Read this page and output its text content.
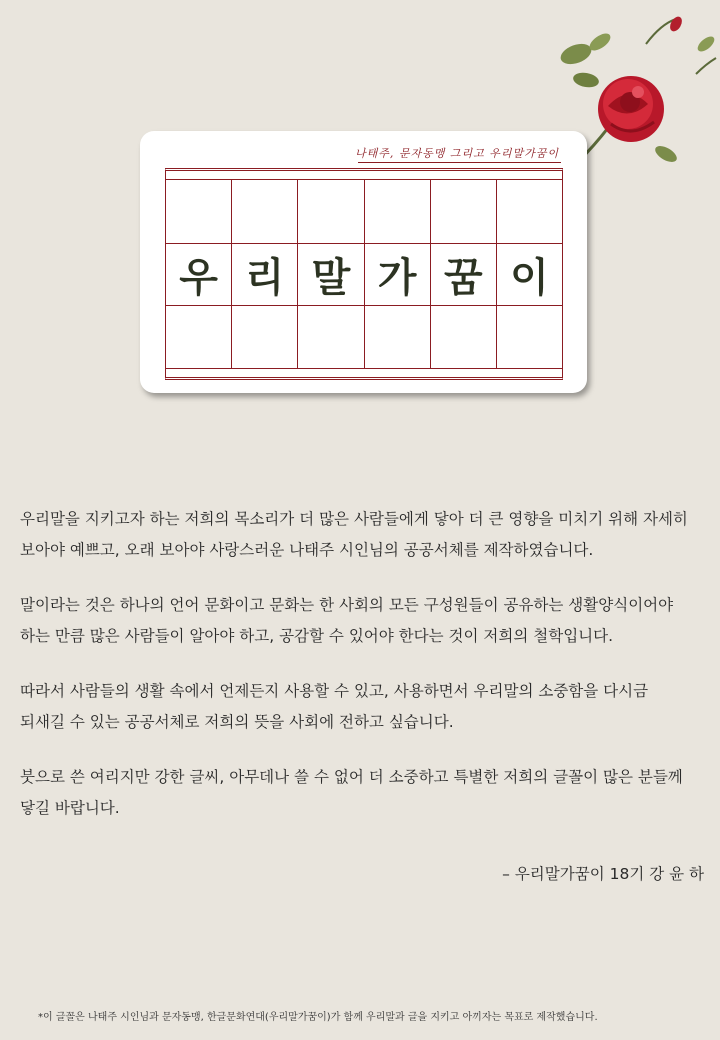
나태주, 문자동맹 그리고 우리말가꿈이
우 리 말 가 꿈 이

우리말을 지키고자 하는 저희의 목소리가 더 많은 사람들에게 닿아 더 큰 영향을 미치기 위해 자세히

보아야 예쁘고, 오래 보아야 사랑스러운 나태주 시인님의 공공서체를 제작하였습니다.

말이라는 것은 하나의 언어 문화이고 문화는 한 사회의 모든 구성원들이 공유하는 생활양식이어야

하는 만큼 많은 사람들이 알아야 하고, 공감할 수 있어야 한다는 것이 저희의 철학입니다.

따라서 사람들의 생활 속에서 언제든지 사용할 수 있고, 사용하면서 우리말의 소중함을 다시금

되새길 수 있는 공공서체로 저희의 뜻을 사회에 전하고 싶습니다.

붓으로 쓴 여리지만 강한 글씨, 아무데나 쓸 수 없어 더 소중하고 특별한 저희의 글꼴이 많은 분들께

닿길 바랍니다.

– 우리말가꿈이 18기 강 윤 하
*이 글꼴은 나태주 시인님과 문자동맹, 한글문화연대(우리말가꿈이)가 함께 우리말과 글을 지키고 아끼자는 목표로 제작했습니다.
